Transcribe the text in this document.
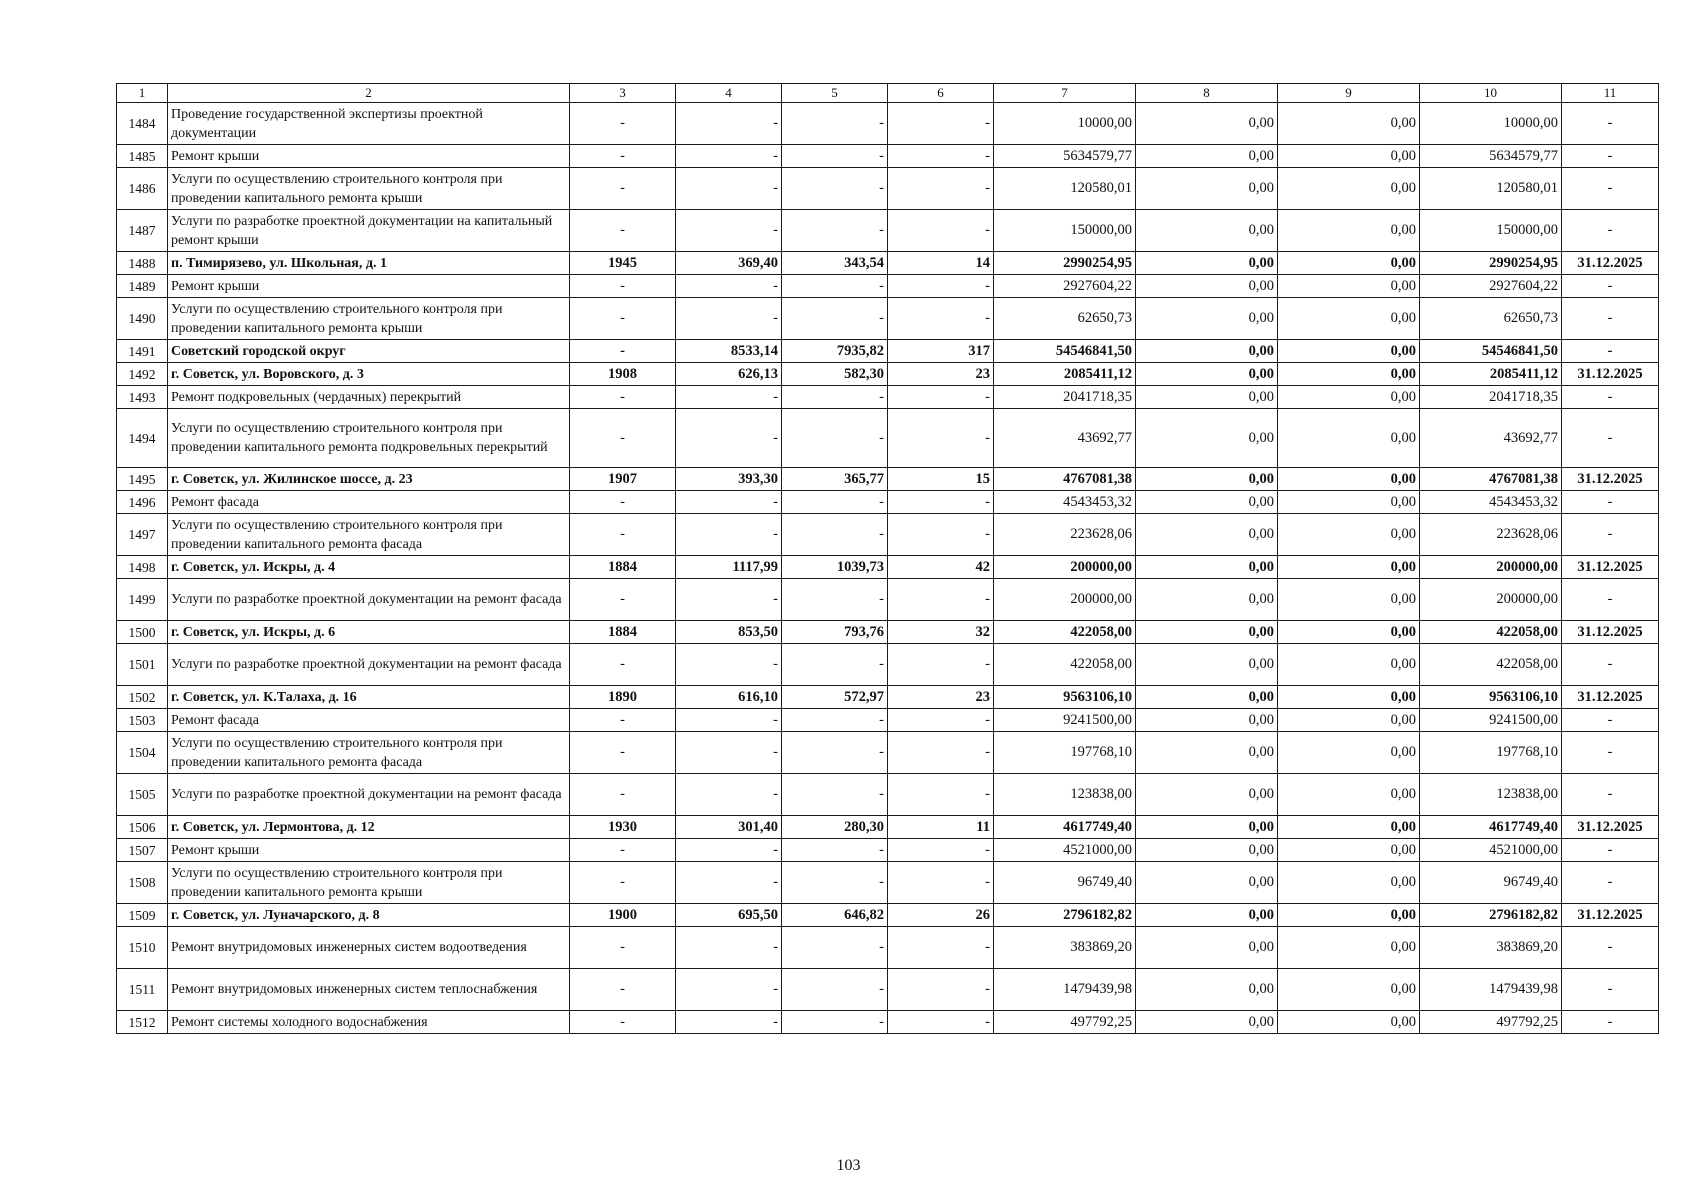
1	2	3	4	5	6	7	8	9	10	11
1484	Проведение государственной экспертизы проектной документации	-	-	-	-	10000,00	0,00	0,00	10000,00	-
1485	Ремонт крыши	-	-	-	-	5634579,77	0,00	0,00	5634579,77	-
1486	Услуги по осуществлению строительного контроля при проведении капитального ремонта крыши	-	-	-	-	120580,01	0,00	0,00	120580,01	-
1487	Услуги по разработке проектной документации на капитальный ремонт крыши	-	-	-	-	150000,00	0,00	0,00	150000,00	-
1488	п. Тимирязево, ул. Школьная, д. 1	1945	369,40	343,54	14	2990254,95	0,00	0,00	2990254,95	31.12.2025
1489	Ремонт крыши	-	-	-	-	2927604,22	0,00	0,00	2927604,22	-
1490	Услуги по осуществлению строительного контроля при проведении капитального ремонта крыши	-	-	-	-	62650,73	0,00	0,00	62650,73	-
1491	Советский городской округ	-	8533,14	7935,82	317	54546841,50	0,00	0,00	54546841,50	-
1492	г. Советск, ул. Воровского, д. 3	1908	626,13	582,30	23	2085411,12	0,00	0,00	2085411,12	31.12.2025
1493	Ремонт подкровельных (чердачных) перекрытий	-	-	-	-	2041718,35	0,00	0,00	2041718,35	-
1494	Услуги по осуществлению строительного контроля при проведении капитального ремонта подкровельных перекрытий	-	-	-	-	43692,77	0,00	0,00	43692,77	-
1495	г. Советск, ул. Жилинское шоссе, д. 23	1907	393,30	365,77	15	4767081,38	0,00	0,00	4767081,38	31.12.2025
1496	Ремонт фасада	-	-	-	-	4543453,32	0,00	0,00	4543453,32	-
1497	Услуги по осуществлению строительного контроля при проведении капитального ремонта фасада	-	-	-	-	223628,06	0,00	0,00	223628,06	-
1498	г. Советск, ул. Искры, д. 4	1884	1117,99	1039,73	42	200000,00	0,00	0,00	200000,00	31.12.2025
1499	Услуги по разработке проектной документации на ремонт фасада	-	-	-	-	200000,00	0,00	0,00	200000,00	-
1500	г. Советск, ул. Искры, д. 6	1884	853,50	793,76	32	422058,00	0,00	0,00	422058,00	31.12.2025
1501	Услуги по разработке проектной документации на ремонт фасада	-	-	-	-	422058,00	0,00	0,00	422058,00	-
1502	г. Советск, ул. К.Талаха, д. 16	1890	616,10	572,97	23	9563106,10	0,00	0,00	9563106,10	31.12.2025
1503	Ремонт фасада	-	-	-	-	9241500,00	0,00	0,00	9241500,00	-
1504	Услуги по осуществлению строительного контроля при проведении капитального ремонта фасада	-	-	-	-	197768,10	0,00	0,00	197768,10	-
1505	Услуги по разработке проектной документации на ремонт фасада	-	-	-	-	123838,00	0,00	0,00	123838,00	-
1506	г. Советск, ул. Лермонтова, д. 12	1930	301,40	280,30	11	4617749,40	0,00	0,00	4617749,40	31.12.2025
1507	Ремонт крыши	-	-	-	-	4521000,00	0,00	0,00	4521000,00	-
1508	Услуги по осуществлению строительного контроля при проведении капитального ремонта крыши	-	-	-	-	96749,40	0,00	0,00	96749,40	-
1509	г. Советск, ул. Луначарского, д. 8	1900	695,50	646,82	26	2796182,82	0,00	0,00	2796182,82	31.12.2025
1510	Ремонт внутридомовых инженерных систем водоотведения	-	-	-	-	383869,20	0,00	0,00	383869,20	-
1511	Ремонт внутридомовых инженерных систем теплоснабжения	-	-	-	-	1479439,98	0,00	0,00	1479439,98	-
1512	Ремонт системы холодного водоснабжения	-	-	-	-	497792,25	0,00	0,00	497792,25	-
103
